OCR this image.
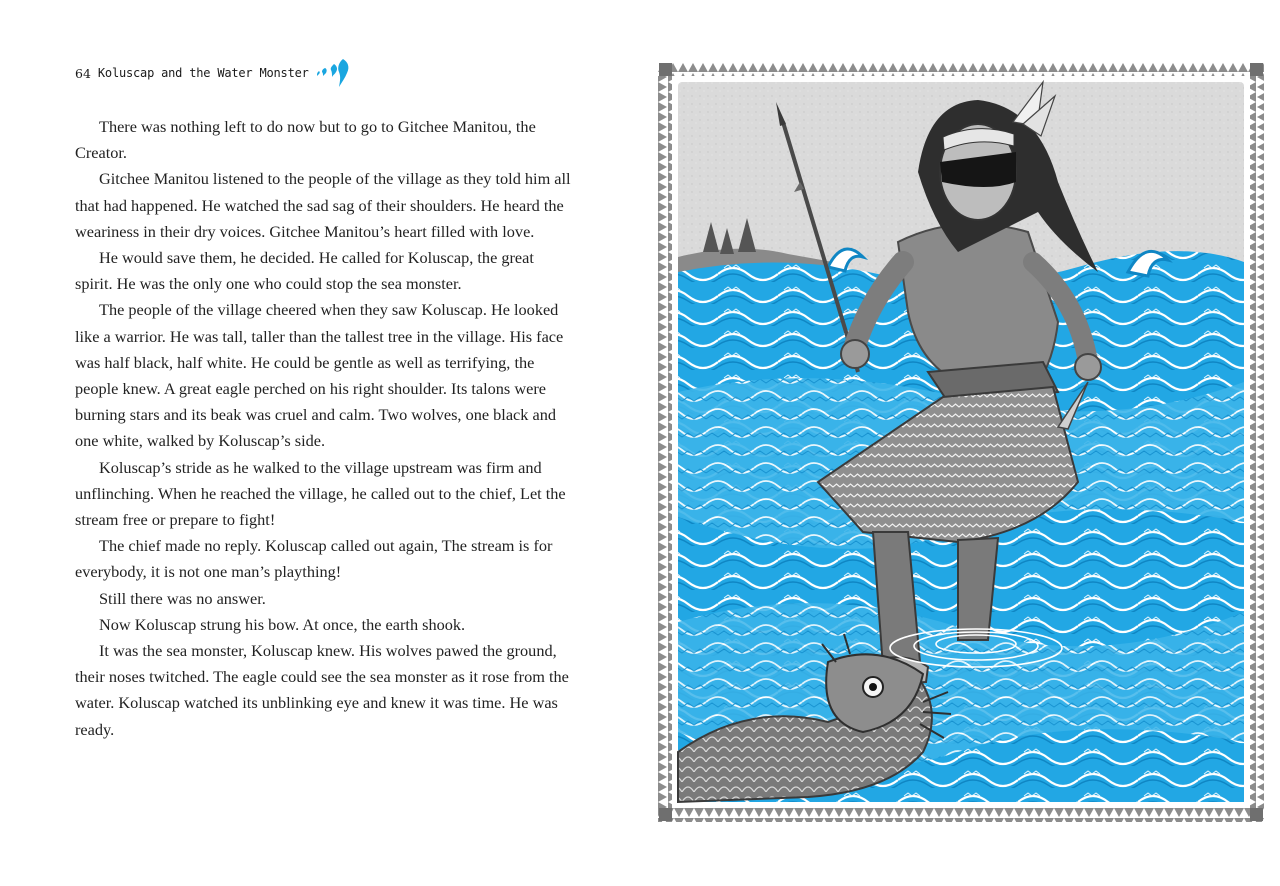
64 Koluscap and the Water Monster

There was nothing left to do now but to go to Gitchee Manitou, the Creator.

Gitchee Manitou listened to the people of the village as they told him all that had happened. He watched the sad sag of their shoulders. He heard the weariness in their dry voices. Gitchee Manitou’s heart filled with love.

He would save them, he decided. He called for Koluscap, the great spirit. He was the only one who could stop the sea monster.

The people of the village cheered when they saw Koluscap. He looked like a warrior. He was tall, taller than the tallest tree in the village. His face was half black, half white. He could be gentle as well as terrifying, the people knew. A great eagle perched on his right shoulder. Its talons were burning stars and its beak was cruel and calm. Two wolves, one black and one white, walked by Koluscap’s side.

Koluscap’s stride as he walked to the village upstream was firm and unflinching. When he reached the village, he called out to the chief, Let the stream free or prepare to fight!

The chief made no reply. Koluscap called out again, The stream is for everybody, it is not one man’s plaything!

Still there was no answer.

Now Koluscap strung his bow. At once, the earth shook.

It was the sea monster, Koluscap knew. His wolves pawed the ground, their noses twitched. The eagle could see the sea monster as it rose from the water. Koluscap watched its unblinking eye and knew it was time. He was ready.
